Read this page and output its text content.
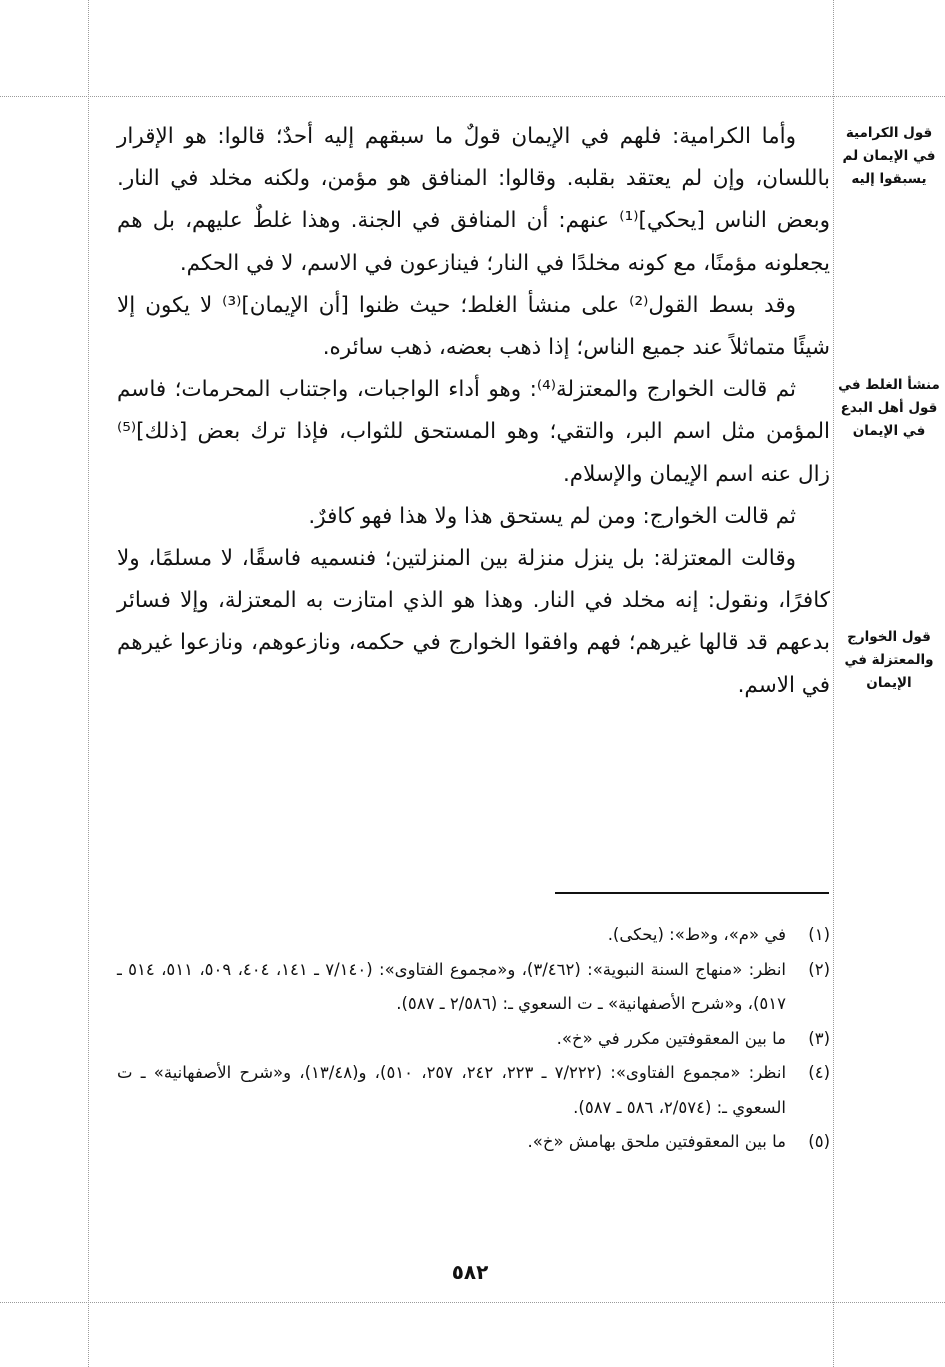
وأما الكرامية: فلهم في الإيمان قولٌ ما سبقهم إليه أحدٌ؛ قالوا: هو الإقرار باللسان، وإن لم يعتقد بقلبه. وقالوا: المنافق هو مؤمن، ولكنه مخلد في النار. وبعض الناس [يحكي]⁽¹⁾ عنهم: أن المنافق في الجنة. وهذا غلطٌ عليهم، بل هم يجعلونه مؤمنًا، مع كونه مخلدًا في النار؛ فينازعون في الاسم، لا في الحكم.

وقد بسط القول⁽²⁾ على منشأ الغلط؛ حيث ظنوا [أن الإيمان]⁽³⁾ لا يكون إلا شيئًا متماثلاً عند جميع الناس؛ إذا ذهب بعضه، ذهب سائره.

ثم قالت الخوارج والمعتزلة⁽⁴⁾: وهو أداء الواجبات، واجتناب المحرمات؛ فاسم المؤمن مثل اسم البر، والتقي؛ وهو المستحق للثواب، فإذا ترك بعض [ذلك]⁽⁵⁾ زال عنه اسم الإيمان والإسلام.

ثم قالت الخوارج: ومن لم يستحق هذا ولا هذا فهو كافرٌ.

وقالت المعتزلة: بل ينزل منزلة بين المنزلتين؛ فنسميه فاسقًا، لا مسلمًا، ولا كافرًا، ونقول: إنه مخلد في النار. وهذا هو الذي امتازت به المعتزلة، وإلا فسائر بدعهم قد قالها غيرهم؛ فهم وافقوا الخوارج في حكمه، ونازعوهم، ونازعوا غيرهم في الاسم.

قول الكرامية في الإيمان لم يسبقوا إليه
منشأ الغلط في قول أهل البدع في الإيمان
قول الخوارج والمعتزلة في الإيمان
(١)
في «م»، و«ط»: (يحكى).
(٢)
انظر: «منهاج السنة النبوية»: (٣/٤٦٢)، و«مجموع الفتاوى»: (٧/١٤٠ ـ ١٤١، ٤٠٤، ٥٠٩، ٥١١، ٥١٤ ـ ٥١٧)، و«شرح الأصفهانية» ـ ت السعوي ـ: (٢/٥٨٦ ـ ٥٨٧).
(٣)
ما بين المعقوفتين مكرر في «خ».
(٤)
انظر: «مجموع الفتاوى»: (٧/٢٢٢ ـ ٢٢٣، ٢٤٢، ٢٥٧، ٥١٠)، و(١٣/٤٨)، و«شرح الأصفهانية» ـ ت السعوي ـ: (٢/٥٧٤، ٥٨٦ ـ ٥٨٧).
(٥)
ما بين المعقوفتين ملحق بهامش «خ».
٥٨٢
